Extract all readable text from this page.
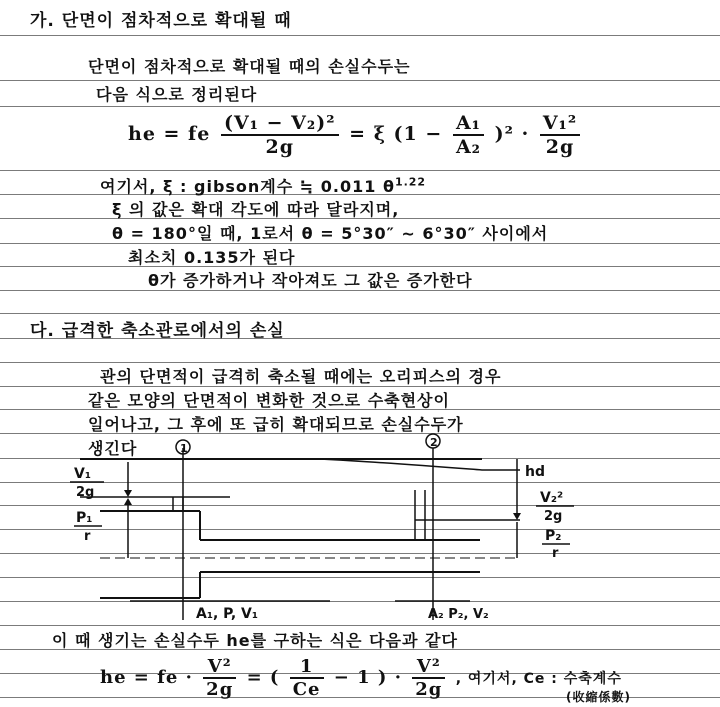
가. 단면이 점차적으로 확대될 때
단면이 점차적으로 확대될 때의 손실수두는
다음 식으로 정리된다
he = fe $\frac{\text{(V₁ − V₂)²}}{2g} = \xi$ $(1 - \frac{\text{A₁}}{\text{A₂}} )^2 \cdot \frac{\text{V₁²}}{2g}$
여기서, ξ : gibson계수 ≒ 0.011 $\theta^{1.22}$
ξ 의 값은 확대 각도에 따라 달라지며,
θ = 180°일 때, 1로서 θ = 5°30″ ~ 6°30″ 사이에서
최소치 0.135가 된다
θ가 증가하거나 작아져도 그 값은 증가한다
다. 급격한 축소관로에서의 손실
관의 단면적이 급격히 축소될 때에는 오리피스의 경우
같은 모양의 단면적이 변화한 것으로 수축현상이
일어나고, 그 후에 또 급히 확대되므로 손실수두가
생긴다	1	2
V₁
2g
P₁
r
hd
V₂²
2g
P₂
r
A₁, P, V₁	A₂ P₂, V₂
이 때 생기는 손실수두 he를 구하는 식은 다음과 같다
he = fe · $\frac{\text{V²}}{2g}$ = ( $\frac{1}{Ce} - 1$ ) · $\frac{\text{V²}}{2g}$ , 여기서, Ce : 수축계수
(收縮係數)
